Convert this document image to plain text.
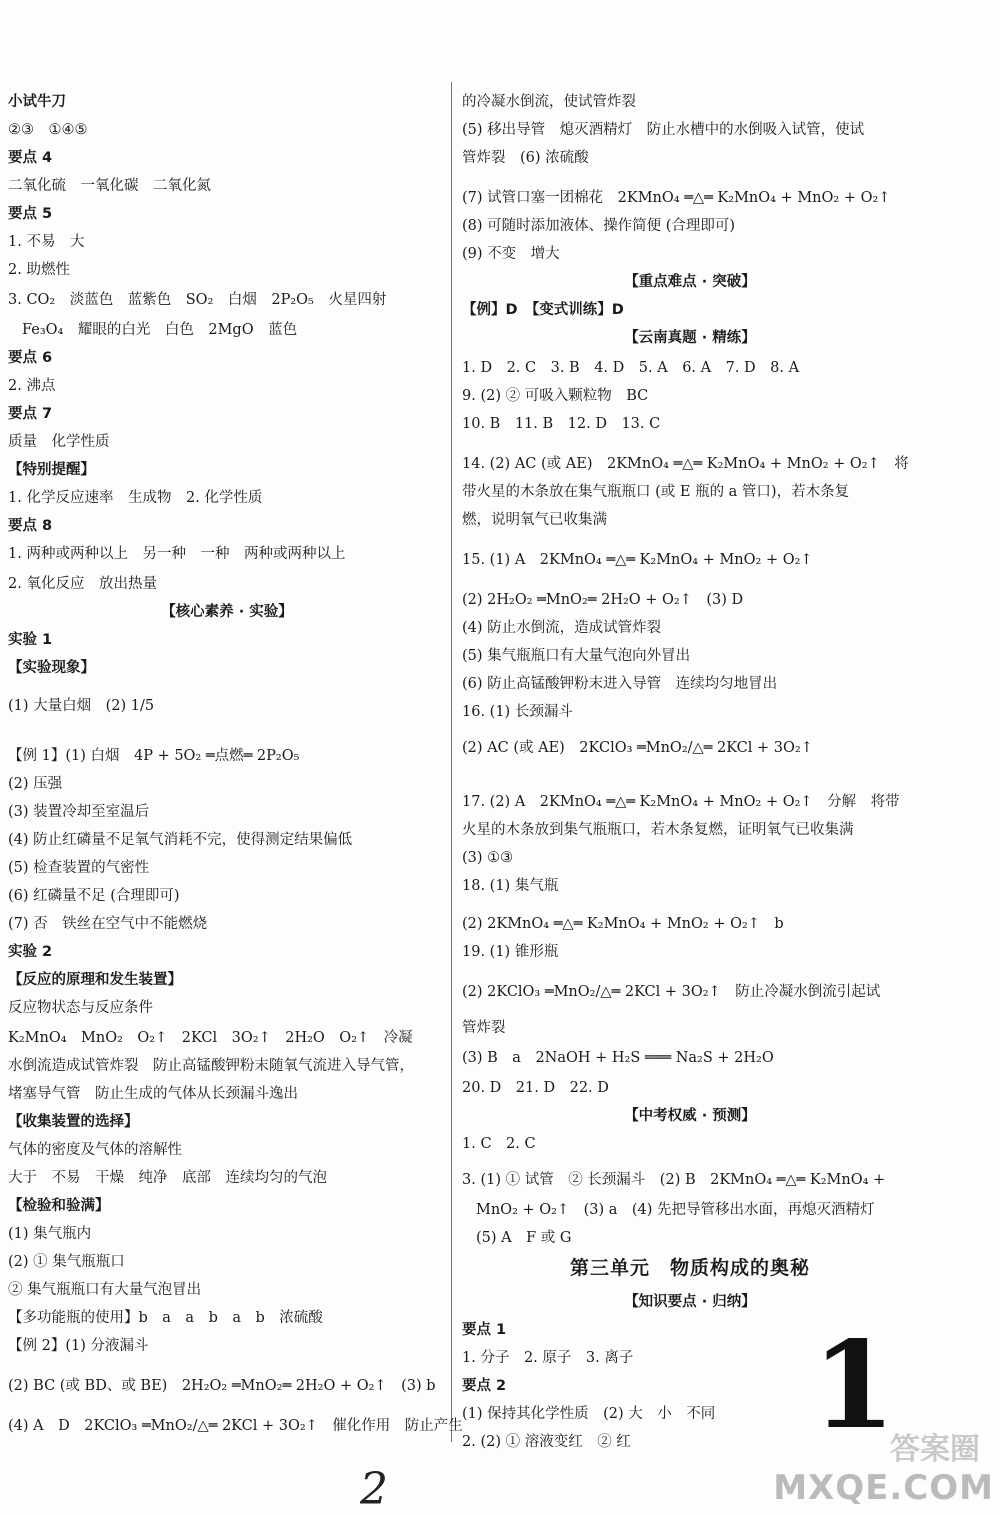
小试牛刀
②③　①④⑤
要点 4
二氧化硫　一氧化碳　二氧化氮
要点 5
1. 不易　大
2. 助燃性
3. CO₂　淡蓝色　蓝紫色　SO₂　白烟　2P₂O₅　火星四射
Fe₃O₄　耀眼的白光　白色　2MgO　蓝色
要点 6
2. 沸点
要点 7
质量　化学性质
【特别提醒】
1. 化学反应速率　生成物　2. 化学性质
要点 8
1. 两种或两种以上　另一种　一种　两种或两种以上
2. 氧化反应　放出热量
【核心素养 · 实验】
实验 1
【实验现象】
(1) 大量白烟　(2) 1/5
【例 1】(1) 白烟　4P + 5O₂ ═点燃═ 2P₂O₅
(2) 压强
(3) 装置冷却至室温后
(4) 防止红磷量不足氧气消耗不完，使得测定结果偏低
(5) 检查装置的气密性
(6) 红磷量不足 (合理即可)
(7) 否　铁丝在空气中不能燃烧
实验 2
【反应的原理和发生装置】
反应物状态与反应条件
K₂MnO₄　MnO₂　O₂↑　2KCl　3O₂↑　2H₂O　O₂↑　冷凝
水倒流造成试管炸裂　防止高锰酸钾粉末随氧气流进入导气管，
堵塞导气管　防止生成的气体从长颈漏斗逸出
【收集装置的选择】
气体的密度及气体的溶解性
大于　不易　干燥　纯净　底部　连续均匀的气泡
【检验和验满】
(1) 集气瓶内
(2) ① 集气瓶瓶口
② 集气瓶瓶口有大量气泡冒出
【多功能瓶的使用】b　a　a　b　a　b　浓硫酸
【例 2】(1) 分液漏斗
(2) BC (或 BD、或 BE)　2H₂O₂ ═MnO₂═ 2H₂O + O₂↑　(3) b
(4) A　D　2KClO₃ ═MnO₂/△═ 2KCl + 3O₂↑　催化作用　防止产生
第三单元　物质构成的奥秘
的冷凝水倒流，使试管炸裂
(5) 移出导管　熄灭酒精灯　防止水槽中的水倒吸入试管，使试
管炸裂　(6) 浓硫酸
(7) 试管口塞一团棉花　2KMnO₄ ═△═ K₂MnO₄ + MnO₂ + O₂↑
(8) 可随时添加液体、操作简便 (合理即可)
(9) 不变　增大
【重点难点 · 突破】
【例】D　【变式训练】D
【云南真题 · 精练】
1. D　2. C　3. B　4. D　5. A　6. A　7. D　8. A
9. (2) ② 可吸入颗粒物　BC
10. B　11. B　12. D　13. C
14. (2) AC (或 AE)　2KMnO₄ ═△═ K₂MnO₄ + MnO₂ + O₂↑　将
带火星的木条放在集气瓶瓶口 (或 E 瓶的 a 管口)，若木条复
燃，说明氧气已收集满
15. (1) A　2KMnO₄ ═△═ K₂MnO₄ + MnO₂ + O₂↑
(2) 2H₂O₂ ═MnO₂═ 2H₂O + O₂↑　(3) D
(4) 防止水倒流，造成试管炸裂
(5) 集气瓶瓶口有大量气泡向外冒出
(6) 防止高锰酸钾粉末进入导管　连续均匀地冒出
16. (1) 长颈漏斗
(2) AC (或 AE)　2KClO₃ ═MnO₂/△═ 2KCl + 3O₂↑
17. (2) A　2KMnO₄ ═△═ K₂MnO₄ + MnO₂ + O₂↑　分解　将带
火星的木条放到集气瓶瓶口，若木条复燃，证明氧气已收集满
(3) ①③
18. (1) 集气瓶
(2) 2KMnO₄ ═△═ K₂MnO₄ + MnO₂ + O₂↑　b
19. (1) 锥形瓶
(2) 2KClO₃ ═MnO₂/△═ 2KCl + 3O₂↑　防止冷凝水倒流引起试
管炸裂
(3) B　a　2NaOH + H₂S ═══ Na₂S + 2H₂O
20. D　21. D　22. D
【中考权威 · 预测】
1. C　2. C
3. (1) ① 试管　② 长颈漏斗　(2) B　2KMnO₄ ═△═ K₂MnO₄ +
MnO₂ + O₂↑　(3) a　(4) 先把导管移出水面，再熄灭酒精灯
(5) A　F 或 G
【知识要点 · 归纳】
要点 1
1. 分子　2. 原子　3. 离子
要点 2
(1) 保持其化学性质　(2) 大　小　不同
2. (2) ① 溶液变红　② 红 1
2
答案圈
MXQE.COM
